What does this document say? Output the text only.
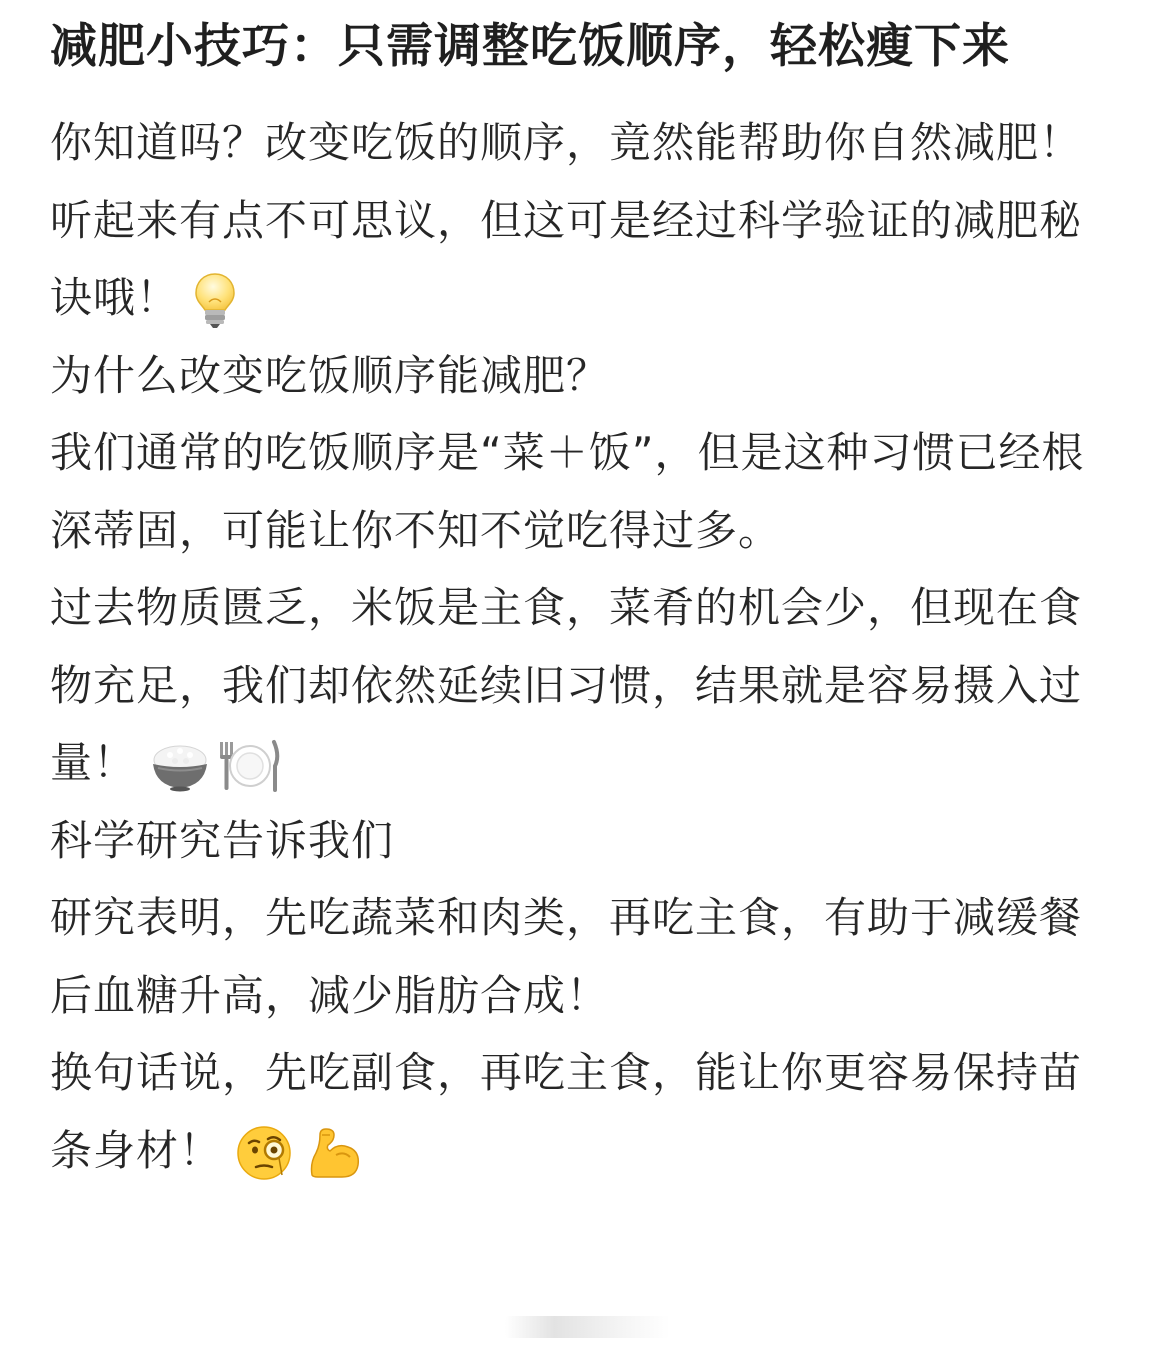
减肥小技巧：只需调整吃饭顺序，轻松瘦下来

你知道吗？改变吃饭的顺序，竟然能帮助你自然减肥！

听起来有点不可思议，但这可是经过科学验证的减肥秘诀哦！

为什么改变吃饭顺序能减肥？

我们通常的吃饭顺序是“菜＋饭”，但是这种习惯已经根深蒂固，可能让你不知不觉吃得过多。

过去物质匮乏，米饭是主食，菜肴的机会少，但现在食物充足，我们却依然延续旧习惯，结果就是容易摄入过量！

科学研究告诉我们

研究表明，先吃蔬菜和肉类，再吃主食，有助于减缓餐后血糖升高，减少脂肪合成！

换句话说，先吃副食，再吃主食，能让你更容易保持苗条身材！
